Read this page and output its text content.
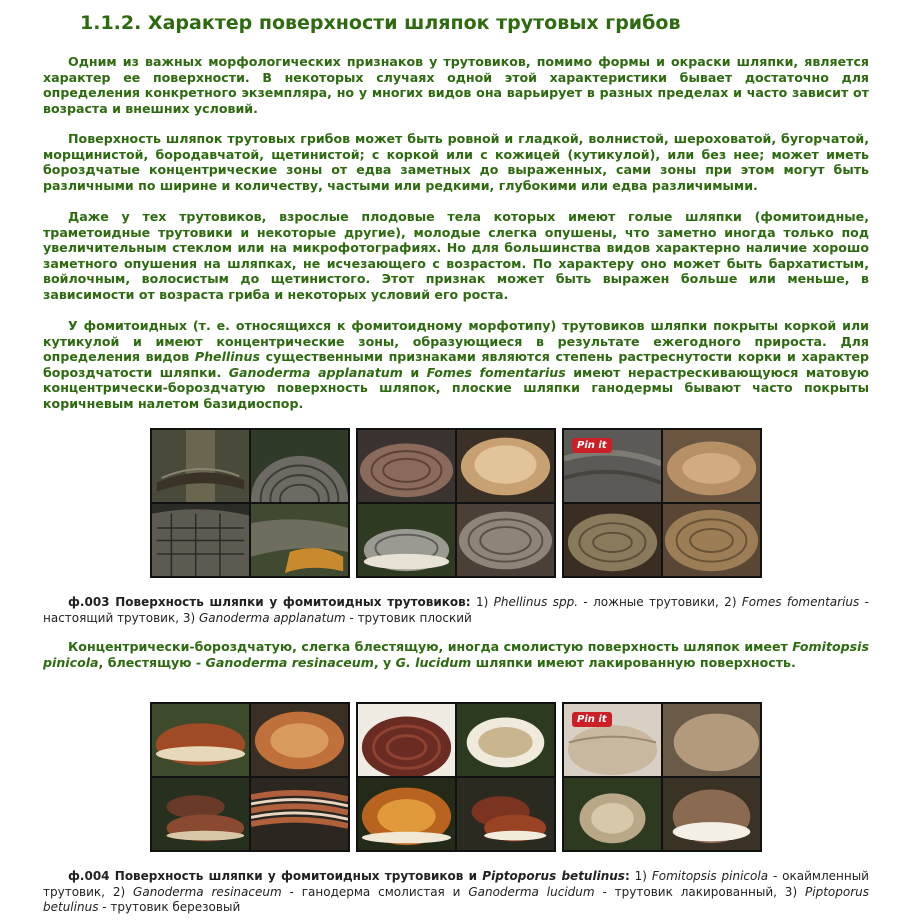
1.1.2. Характер поверхности шляпок трутовых грибов

Одним из важных морфологических признаков у трутовиков, помимо формы и окраски шляпки, является характер ее поверхности. В некоторых случаях одной этой характеристики бывает достаточно для определения конкретного экземпляра, но у многих видов она варьирует в разных пределах и часто зависит от возраста и внешних условий.

Поверхность шляпок трутовых грибов может быть ровной и гладкой, волнистой, шероховатой, бугорчатой, морщинистой, бородавчатой, щетинистой; с коркой или с кожицей (кутикулой), или без нее; может иметь бороздчатые концентрические зоны от едва заметных до выраженных, сами зоны при этом могут быть различными по ширине и количеству, частыми или редкими, глубокими или едва различимыми.

Даже у тех трутовиков, взрослые плодовые тела которых имеют голые шляпки (фомитоидные, траметоидные трутовики и некоторые другие), молодые слегка опушены, что заметно иногда только под увеличительным стеклом или на микрофотографиях. Но для большинства видов характерно наличие хорошо заметного опушения на шляпках, не исчезающего с возрастом. По характеру оно может быть бархатистым, войлочным, волосистым до щетинистого. Этот признак может быть выражен больше или меньше, в зависимости от возраста гриба и некоторых условий его роста.

У фомитоидных (т. е. относящихся к фомитоидному морфотипу) трутовиков шляпки покрыты коркой или кутикулой и имеют концентрические зоны, образующиеся в результате ежегодного прироста. Для определения видов Phellinus существенными признаками являются степень растреснутости корки и характер бороздчатости шляпки. Ganoderma applanatum и Fomes fomentarius имеют нерастрескивающуюся матовую концентрически-бороздчатую поверхность шляпок, плоские шляпки ганодермы бывают часто покрыты коричневым налетом базидиоспор.

Pin it

ф.003 Поверхность шляпки у фомитоидных трутовиков: 1) Phellinus spp. - ложные трутовики, 2) Fomes fomentarius - настоящий трутовик, 3) Ganoderma applanatum - трутовик плоский

Концентрически-бороздчатую, слегка блестящую, иногда смолистую поверхность шляпок имеет Fomitopsis pinicola, блестящую - Ganoderma resinaceum, у G. lucidum шляпки имеют лакированную поверхность.

Pin it

ф.004 Поверхность шляпки у фомитоидных трутовиков и Piptoporus betulinus: 1) Fomitopsis pinicola - окаймленный трутовик, 2) Ganoderma resinaceum - ганодерма смолистая и Ganoderma lucidum - трутовик лакированный, 3) Piptoporus betulinus - трутовик березовый
